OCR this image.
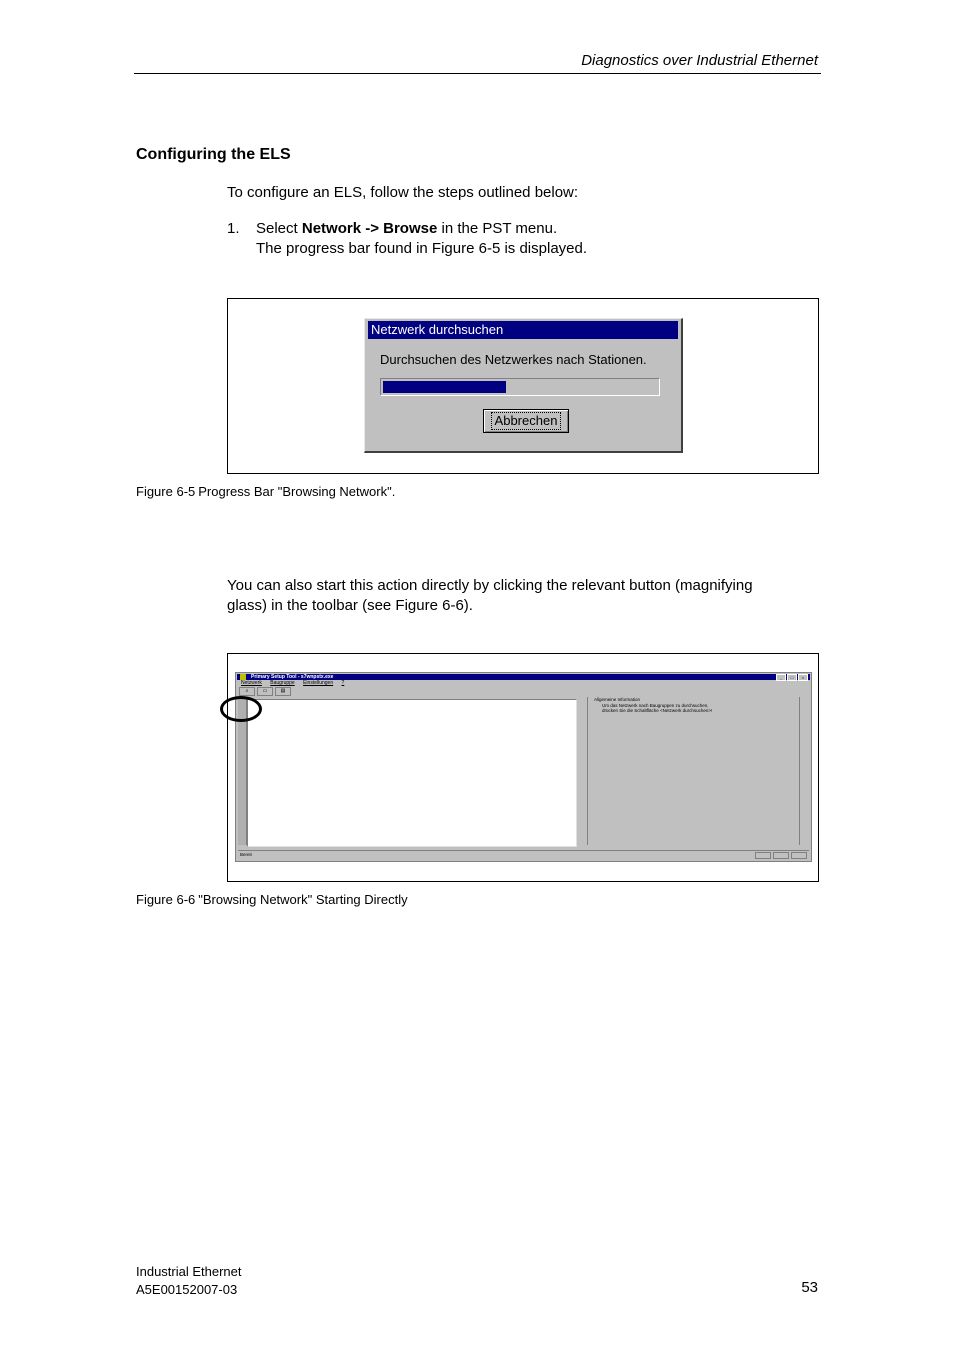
Diagnostics over Industrial Ethernet
Configuring the ELS
To configure an ELS, follow the steps outlined below:
1. Select Network -> Browse in the PST menu.
The progress bar found in Figure 6-5 is displayed.
Netzwerk durchsuchen
Durchsuchen des Netzwerkes nach Stationen.
Abbrechen
Figure 6-5 Progress Bar "Browsing Network".
You can also start this action directly by clicking the relevant button (magnifying
glass) in the toolbar (see Figure 6-6).
Primary Setup Tool - s7wnpstx.exe	_	□	×
Netzwerk Baugruppe Einstellungen ?
⌕	▭	▤
Allgemeine Information
Um das Netzwerk nach Baugruppen zu durchsuchen,
drücken Sie die Schaltfläche <Netzwerk durchsuchen>!
Bereit
Figure 6-6 "Browsing Network" Starting Directly
Industrial Ethernet
A5E00152007-03	53
